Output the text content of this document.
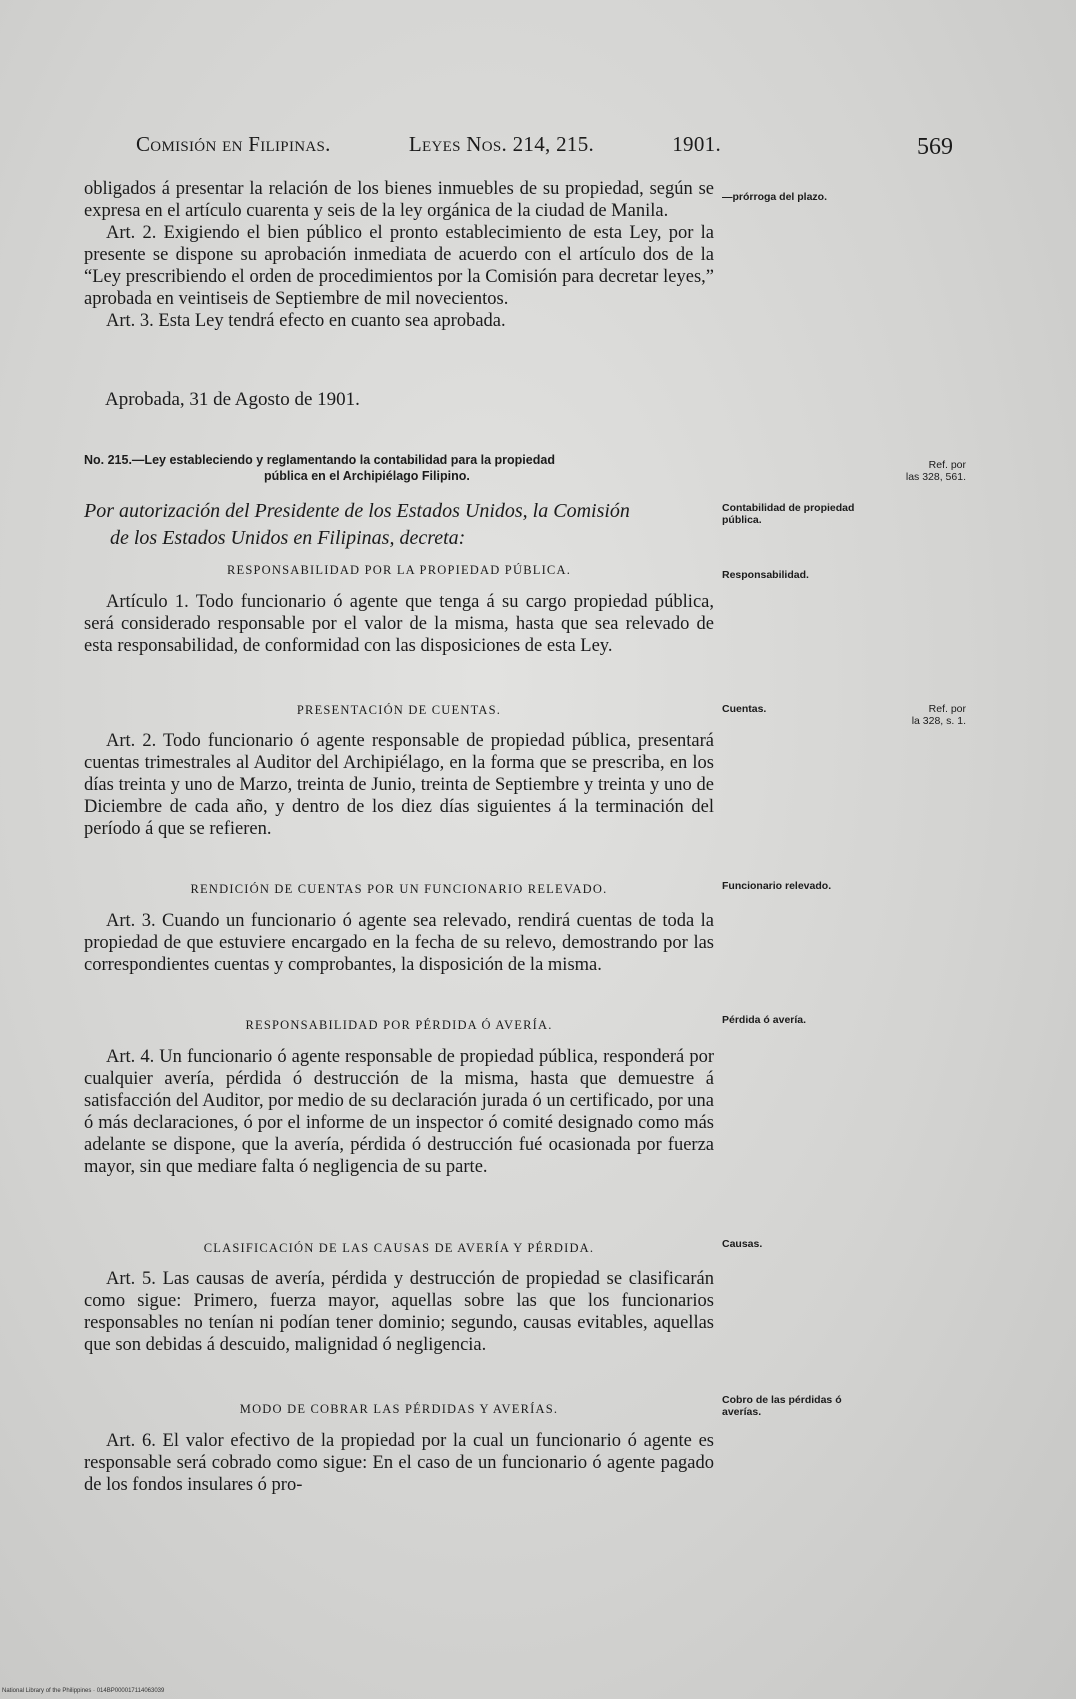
Comisión en Filipinas.	Leyes Nos. 214, 215.	1901.	569

obligados á presentar la relación de los bienes inmuebles de su propiedad, según se expresa en el artículo cuarenta y seis de la ley orgánica de la ciudad de Manila.

Art. 2. Exigiendo el bien público el pronto establecimiento de esta Ley, por la presente se dispone su aprobación inmediata de acuerdo con el artículo dos de la “Ley prescribiendo el orden de procedimientos por la Comisión para decretar leyes,” aprobada en veintiseis de Septiembre de mil novecientos.

Art. 3. Esta Ley tendrá efecto en cuanto sea aprobada.

Aprobada, 31 de Agosto de 1901.
No. 215.—Ley estableciendo y reglamentando la contabilidad para la propiedad
pública en el Archipiélago Filipino.
Por autorización del Presidente de los Estados Unidos, la Comisión
de los Estados Unidos en Filipinas, decreta:
RESPONSABILIDAD POR LA PROPIEDAD PÚBLICA.
Artículo 1. Todo funcionario ó agente que tenga á su cargo propiedad pública, será considerado responsable por el valor de la misma, hasta que sea relevado de esta responsabilidad, de conformidad con las disposiciones de esta Ley.
PRESENTACIÓN DE CUENTAS.
Art. 2. Todo funcionario ó agente responsable de propiedad pública, presentará cuentas trimestrales al Auditor del Archipiélago, en la forma que se prescriba, en los días treinta y uno de Marzo, treinta de Junio, treinta de Septiembre y treinta y uno de Diciembre de cada año, y dentro de los diez días siguientes á la terminación del período á que se refieren.
RENDICIÓN DE CUENTAS POR UN FUNCIONARIO RELEVADO.
Art. 3. Cuando un funcionario ó agente sea relevado, rendirá cuentas de toda la propiedad de que estuviere encargado en la fecha de su relevo, demostrando por las correspondientes cuentas y comprobantes, la disposición de la misma.
RESPONSABILIDAD POR PÉRDIDA Ó AVERÍA.
Art. 4. Un funcionario ó agente responsable de propiedad pública, responderá por cualquier avería, pérdida ó destrucción de la misma, hasta que demuestre á satisfacción del Auditor, por medio de su declaración jurada ó un certificado, por una ó más declaraciones, ó por el informe de un inspector ó comité designado como más adelante se dispone, que la avería, pérdida ó destrucción fué ocasionada por fuerza mayor, sin que mediare falta ó negligencia de su parte.
CLASIFICACIÓN DE LAS CAUSAS DE AVERÍA Y PÉRDIDA.
Art. 5. Las causas de avería, pérdida y destrucción de propiedad se clasificarán como sigue: Primero, fuerza mayor, aquellas sobre las que los funcionarios responsables no tenían ni podían tener dominio; segundo, causas evitables, aquellas que son debidas á descuido, malignidad ó negligencia.
MODO DE COBRAR LAS PÉRDIDAS Y AVERÍAS.
Art. 6. El valor efectivo de la propiedad por la cual un funcionario ó agente es responsable será cobrado como sigue: En el caso de un funcionario ó agente pagado de los fondos insulares ó pro-
—prórroga del plazo.
Contabilidad de propiedad pública.
Responsabilidad.
Cuentas.
Funcionario relevado.
Pérdida ó avería.
Causas.
Cobro de las pérdidas ó averías.
Ref. por
las 328, 561.
Ref. por
la 328, s. 1.
National Library of the Philippines · 014BP000017114063039
